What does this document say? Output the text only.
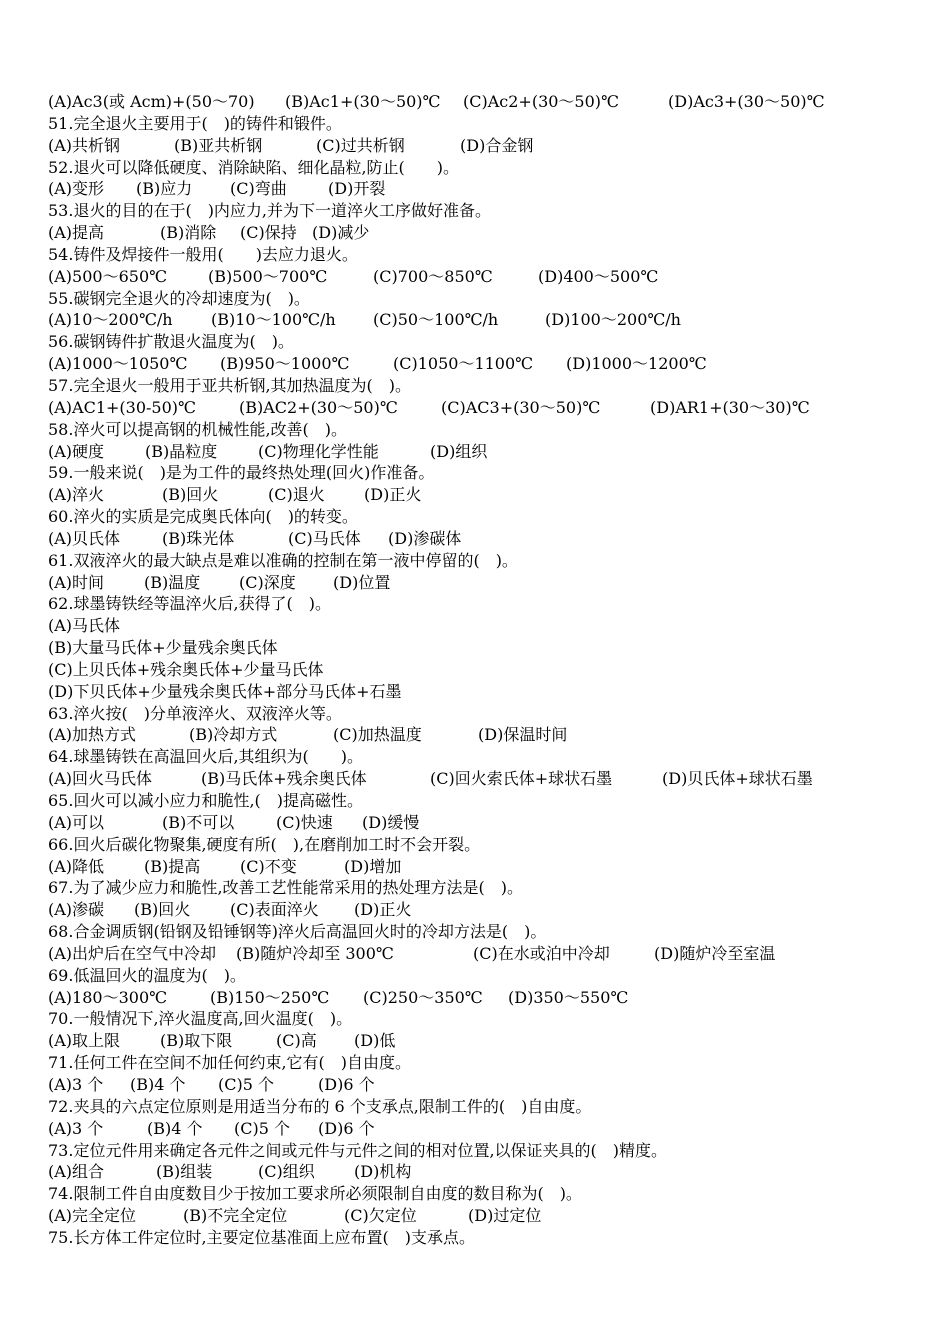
(A)Ac3(或 Acm)+(50～70) (B)Ac1+(30～50)℃ (C)Ac2+(30～50)℃	(D)Ac3+(30～50)℃
51.完全退火主要用于(　)的铸件和锻件。
(A)共析钢	(B)亚共析钢	(C)过共析钢	(D)合金钢
52.退火可以降低硬度、消除缺陷、细化晶粒,防止(　　)。
(A)变形 (B)应力 (C)弯曲	(D)开裂
53.退火的目的在于(　)内应力,并为下一道淬火工序做好准备。
(A)提高	(B)消除 (C)保持 (D)减少
54.铸件及焊接件一般用(　　)去应力退火。
(A)500～650℃	(B)500～700℃	(C)700～850℃	(D)400～500℃
55.碳钢完全退火的冷却速度为(　)。
(A)10～200℃/h (B)10～100℃/h (C)50～100℃/h	(D)100～200℃/h
56.碳钢铸件扩散退火温度为(　)。
(A)1000～1050℃ (B)950～1000℃	(C)1050～1100℃ (D)1000～1200℃
57.完全退火一般用于亚共析钢,其加热温度为(　)。
(A)AC1+(30-50)℃	(B)AC2+(30～50)℃	(C)AC3+(30～50)℃	(D)AR1+(30～30)℃
58.淬火可以提高钢的机械性能,改善(　)。
(A)硬度	(B)晶粒度	(C)物理化学性能	(D)组织
59.一般来说(　)是为工件的最终热处理(回火)作准备。
(A)淬火	(B)回火	(C)退火 (D)正火
60.淬火的实质是完成奥氏体向(　)的转变。
(A)贝氏体	(B)珠光体	(C)马氏体 (D)渗碳体
61.双液淬火的最大缺点是难以准确的控制在第一液中停留的(　)。
(A)时间 (B)温度 (C)深度 (D)位置
62.球墨铸铁经等温淬火后,获得了(　)。
(A)马氏体
(B)大量马氏体+少量残余奥氏体
(C)上贝氏体+残余奥氏体+少量马氏体
(D)下贝氏体+少量残余奥氏体+部分马氏体+石墨
63.淬火按(　)分单液淬火、双液淬火等。
(A)加热方式	(B)冷却方式	(C)加热温度	(D)保温时间
64.球墨铸铁在高温回火后,其组织为(　　)。
(A)回火马氏体	(B)马氏体+残余奥氏体	(C)回火索氏体+球状石墨	(D)贝氏体+球状石墨
65.回火可以减小应力和脆性,(　)提高磁性。
(A)可以	(B)不可以	(C)快速 (D)缓慢
66.回火后碳化物聚集,硬度有所(　),在磨削加工时不会开裂。
(A)降低 (B)提高 (C)不变	(D)增加
67.为了减少应力和脆性,改善工艺性能常采用的热处理方法是(　)。
(A)渗碳 (B)回火 (C)表面淬火 (D)正火
68.合金调质钢(铅钢及铅锤钢等)淬火后高温回火时的冷却方法是(　)。
(A)出炉后在空气中冷却 (B)随炉冷却至 300℃	(C)在水或泊中冷却	(D)随炉冷至室温
69.低温回火的温度为(　)。
(A)180～300℃	(B)150～250℃ (C)250～350℃ (D)350～550℃
70.一般情况下,淬火温度高,回火温度(　)。
(A)取上限 (B)取下限	(C)高 (D)低
71.任何工件在空间不加任何约束,它有(　)自由度。
(A)3 个 (B)4 个 (C)5 个	(D)6 个
72.夹具的六点定位原则是用适当分布的 6 个支承点,限制工件的(　)自由度。
(A)3 个	(B)4 个 (C)5 个 (D)6 个
73.定位元件用来确定各元件之间或元件与元件之间的相对位置,以保证夹具的(　)精度。
(A)组合	(B)组装	(C)组织 (D)机构
74.限制工件自由度数目少于按加工要求所必须限制自由度的数目称为(　)。
(A)完全定位	(B)不完全定位	(C)欠定位	(D)过定位
75.长方体工件定位时,主要定位基准面上应布置(　)支承点。
